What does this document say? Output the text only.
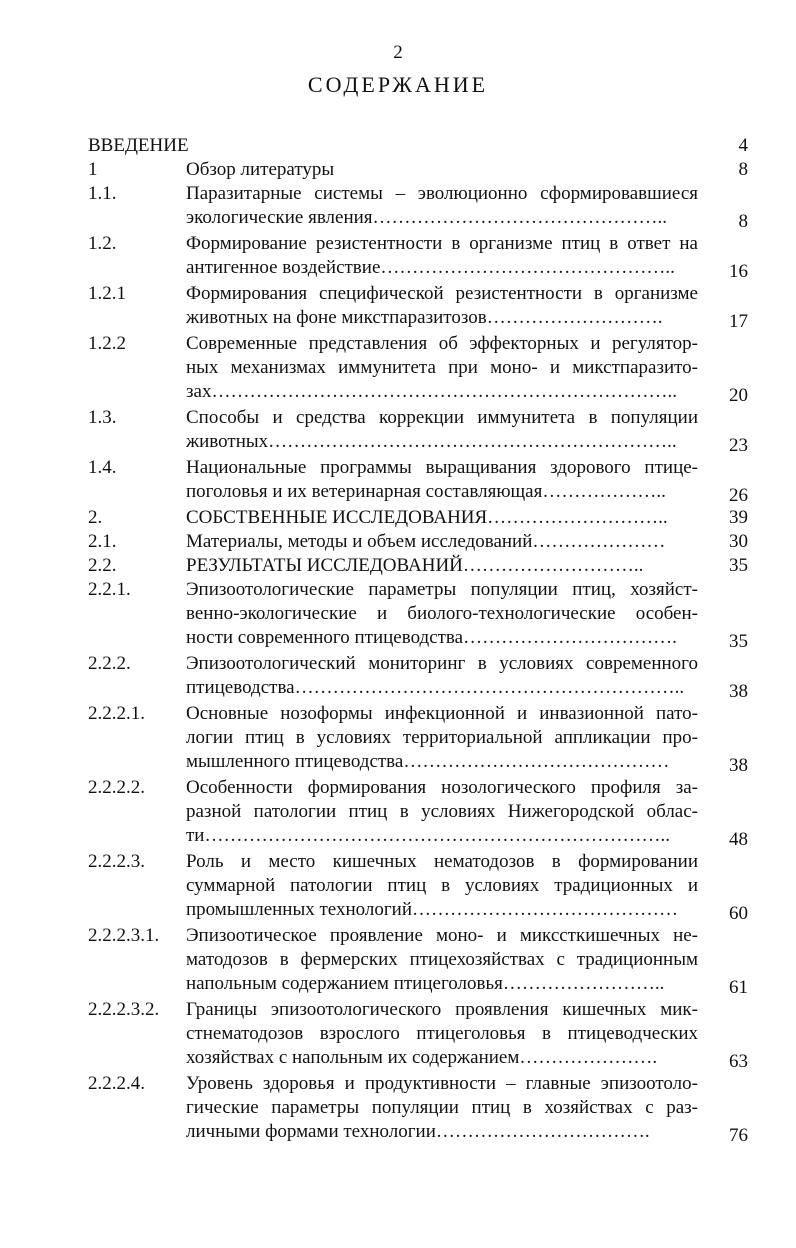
2
СОДЕРЖАНИЕ
ВВЕДЕНИЕ	4
1	Обзор литературы	8
1.1.	Паразитарные системы – эволюционно сформировавшиеся
экологические явления………………………………………..	8
1.2.	Формирование резистентности в организме птиц в ответ на
антигенное воздействие………………………………………..	16
1.2.1	Формирования специфической резистентности в организме
животных на фоне микстпаразитозов……………………….	17
1.2.2	Современные представления об эффекторных и регулятор-
ных механизмах иммунитета при моно- и микстпаразито-
зах………………………………………………………………..	20
1.3.	Способы и средства коррекции иммунитета в популяции
животных………………………………………………………..	23
1.4.	Национальные программы выращивания здорового птице-
поголовья и их ветеринарная составляющая………………..	26
2.	СОБСТВЕННЫЕ ИССЛЕДОВАНИЯ………………………..	39
2.1.	Материалы, методы и объем исследований…………………	30
2.2.	РЕЗУЛЬТАТЫ ИССЛЕДОВАНИЙ………………………..	35
2.2.1.	Эпизоотологические параметры популяции птиц, хозяйст-
венно-экологические и биолого-технологические особен-
ности современного птицеводства…………………………….	35
2.2.2.	Эпизоотологический мониторинг в условиях современного
птицеводства……………………………………………………..	38
2.2.2.1. Основные нозоформы инфекционной и инвазионной пато-
логии птиц в условиях территориальной аппликации про-
мышленного птицеводства……………………………………	38
2.2.2.2. Особенности формирования нозологического профиля за-
разной патологии птиц в условиях Нижегородской облас-
ти………………………………………………………………..	48
2.2.2.3. Роль и место кишечных нематодозов в формировании
суммарной патологии птиц в условиях традиционных и
промышленных технологий……………………………………	60
2.2.2.3.1. Эпизоотическое проявление моно- и микссткишечных не-
матодозов в фермерских птицехозяйствах с традиционным
напольным содержанием птицеголовья……………………..	61
2.2.2.3.2. Границы эпизоотологического проявления кишечных мик-
стнематодозов взрослого птицеголовья в птицеводческих
хозяйствах с напольным их содержанием………………….	63
2.2.2.4. Уровень здоровья и продуктивности – главные эпизоотоло-
гические параметры популяции птиц в хозяйствах с раз-
личными формами технологии…………………………….	76
